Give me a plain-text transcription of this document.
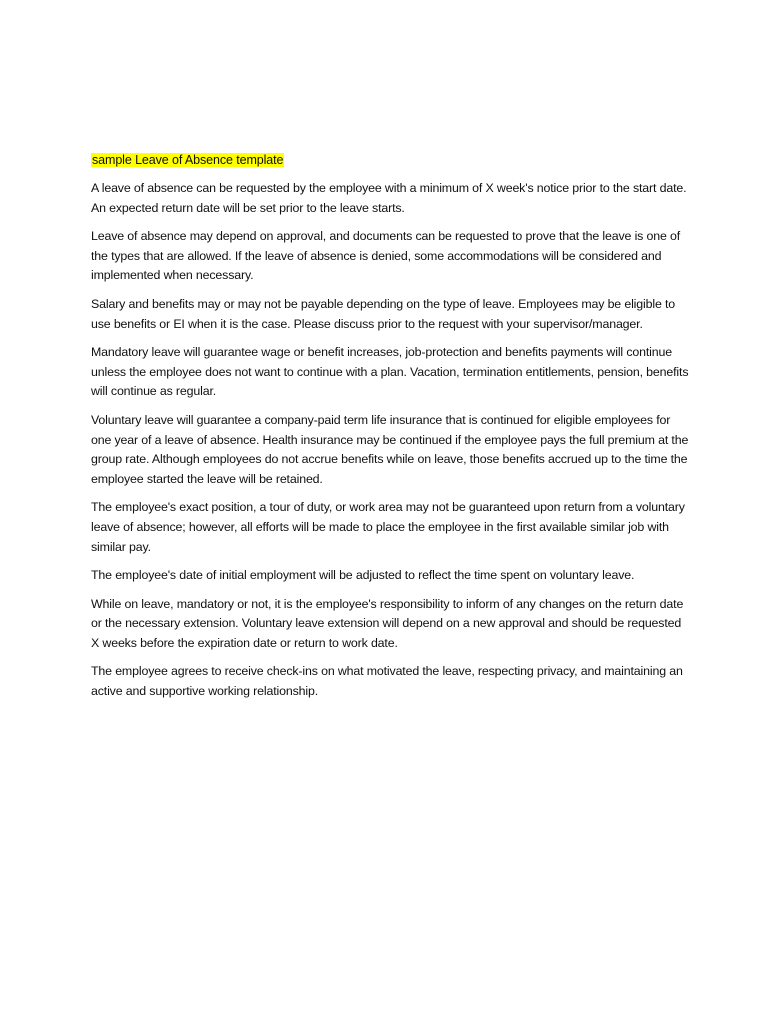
sample Leave of Absence template

A leave of absence can be requested by the employee with a minimum of X week's notice prior to the start date. An expected return date will be set prior to the leave starts.

Leave of absence may depend on approval, and documents can be requested to prove that the leave is one of the types that are allowed. If the leave of absence is denied, some accommodations will be considered and implemented when necessary.

Salary and benefits may or may not be payable depending on the type of leave. Employees may be eligible to use benefits or EI when it is the case. Please discuss prior to the request with your supervisor/manager.

Mandatory leave will guarantee wage or benefit increases, job-protection and benefits payments will continue unless the employee does not want to continue with a plan. Vacation, termination entitlements, pension, benefits will continue as regular.

Voluntary leave will guarantee a company-paid term life insurance that is continued for eligible employees for one year of a leave of absence. Health insurance may be continued if the employee pays the full premium at the group rate. Although employees do not accrue benefits while on leave, those benefits accrued up to the time the employee started the leave will be retained.

The employee's exact position, a tour of duty, or work area may not be guaranteed upon return from a voluntary leave of absence; however, all efforts will be made to place the employee in the first available similar job with similar pay.

The employee's date of initial employment will be adjusted to reflect the time spent on voluntary leave.

While on leave, mandatory or not, it is the employee's responsibility to inform of any changes on the return date or the necessary extension. Voluntary leave extension will depend on a new approval and should be requested X weeks before the expiration date or return to work date.

The employee agrees to receive check-ins on what motivated the leave, respecting privacy, and maintaining an active and supportive working relationship.
